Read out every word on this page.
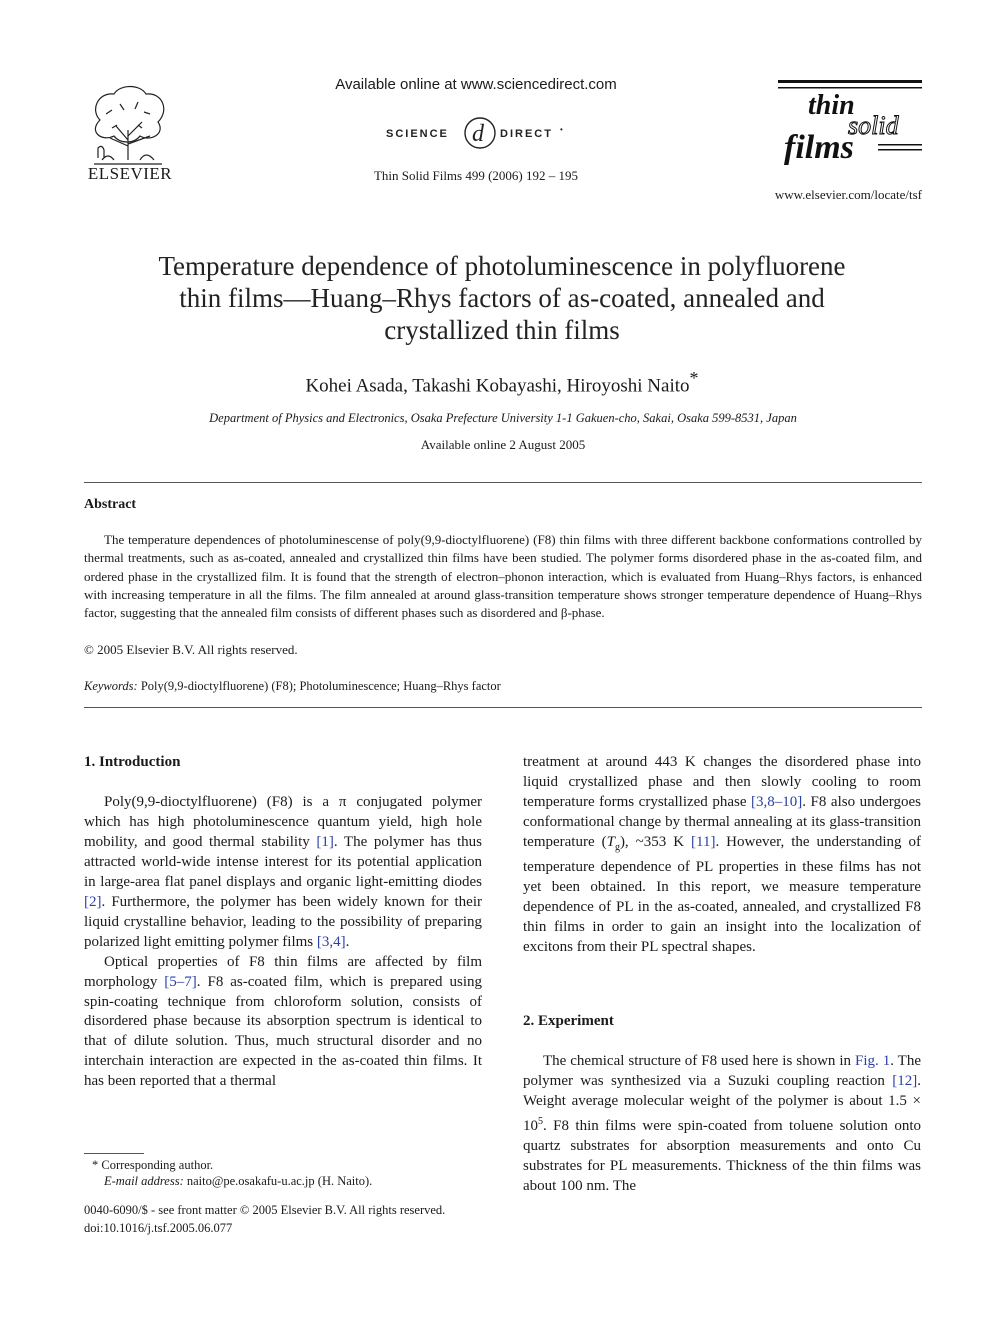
ELSEVIER
Available online at www.sciencedirect.com
SCIENCE d DIRECT •
Thin Solid Films 499 (2006) 192 – 195
thin
solid
films
www.elsevier.com/locate/tsf
Temperature dependence of photoluminescence in polyfluorene
thin films—Huang–Rhys factors of as-coated, annealed and
crystallized thin films
Kohei Asada, Takashi Kobayashi, Hiroyoshi Naito*
Department of Physics and Electronics, Osaka Prefecture University 1-1 Gakuen-cho, Sakai, Osaka 599-8531, Japan
Available online 2 August 2005
Abstract
The temperature dependences of photoluminescense of poly(9,9-dioctylfluorene) (F8) thin films with three different backbone conformations controlled by thermal treatments, such as as-coated, annealed and crystallized thin films have been studied. The polymer forms disordered phase in the as-coated film, and ordered phase in the crystallized film. It is found that the strength of electron–phonon interaction, which is evaluated from Huang–Rhys factors, is enhanced with increasing temperature in all the films. The film annealed at around glass-transition temperature shows stronger temperature dependence of Huang–Rhys factor, suggesting that the annealed film consists of different phases such as disordered and β-phase.
© 2005 Elsevier B.V. All rights reserved.
Keywords: Poly(9,9-dioctylfluorene) (F8); Photoluminescence; Huang–Rhys factor
1. Introduction

Poly(9,9-dioctylfluorene) (F8) is a π conjugated polymer which has high photoluminescence quantum yield, high hole mobility, and good thermal stability [1]. The polymer has thus attracted world-wide intense interest for its potential application in large-area flat panel displays and organic light-emitting diodes [2]. Furthermore, the polymer has been widely known for their liquid crystalline behavior, leading to the possibility of preparing polarized light emitting polymer films [3,4].

Optical properties of F8 thin films are affected by film morphology [5–7]. F8 as-coated film, which is prepared using spin-coating technique from chloroform solution, consists of disordered phase because its absorption spectrum is identical to that of dilute solution. Thus, much structural disorder and no interchain interaction are expected in the as-coated thin films. It has been reported that a thermal

treatment at around 443 K changes the disordered phase into liquid crystallized phase and then slowly cooling to room temperature forms crystallized phase [3,8–10]. F8 also undergoes conformational change by thermal annealing at its glass-transition temperature $(T_g)$, ~353 K [11]. However, the understanding of temperature dependence of PL properties in these films has not yet been obtained. In this report, we measure temperature dependence of PL in the as-coated, annealed, and crystallized F8 thin films in order to gain an insight into the localization of excitons from their PL spectral shapes.

2. Experiment

The chemical structure of F8 used here is shown in Fig. 1. The polymer was synthesized via a Suzuki coupling reaction [12]. Weight average molecular weight of the polymer is about $1.5 \times 10^5$. F8 thin films were spin-coated from toluene solution onto quartz substrates for absorption measurements and onto Cu substrates for PL measurements. Thickness of the thin films was about 100 nm. The

* Corresponding author.
E-mail address: naito@pe.osakafu-u.ac.jp (H. Naito).
0040-6090/$ - see front matter © 2005 Elsevier B.V. All rights reserved.
doi:10.1016/j.tsf.2005.06.077
